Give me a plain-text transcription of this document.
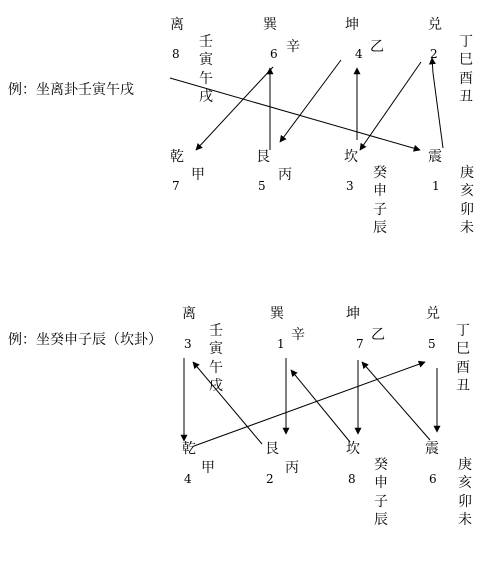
例：坐离卦壬寅午戌
离
8
壬
寅
午
戌
巽
6 辛
坤
4 乙
兑
2
丁
巳
酉
丑
乾
7
甲
艮
5
丙
坎
3
癸
申
子
辰
震
1
庚
亥
卯
未
例：坐癸申子辰（坎卦）
离
3
壬
寅
午
戌
巽
1
辛
坤
7
乙
兑
5
丁
巳
酉
丑
乾
4
甲
艮
2
丙
坎
8
癸
申
子
辰
震
6
庚
亥
卯
未
